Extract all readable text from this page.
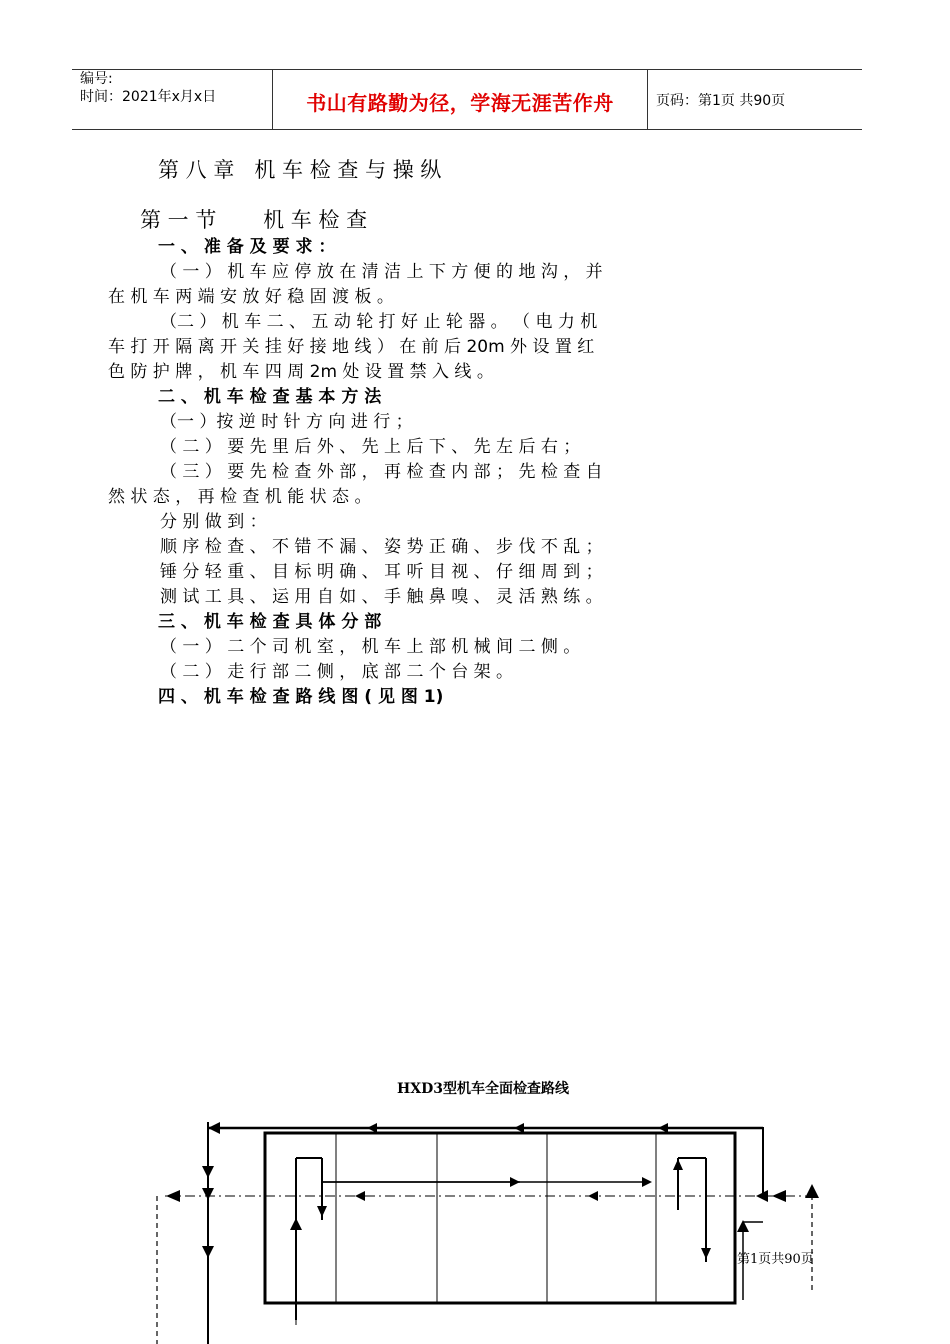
编号:
时间：2021年x月x日	书山有路勤为径，学海无涯苦作舟	页码：第1页 共90页
第 八 章   机 车 检 查 与 操 纵
第 一 节       机 车 检 查
一 、 准 备 及 要 求 ：
（ 一 ） 机 车 应 停 放 在 清 洁 上 下 方 便 的 地 沟 ， 并
在 机 车 两 端 安 放 好 稳 固 渡 板 。
（二 ） 机 车 二 、 五 动 轮 打 好 止 轮 器 。 （ 电 力 机
车 打 开 隔 离 开 关 挂 好 接 地 线 ） 在 前 后 20m 外 设 置 红
色 防 护 牌 ， 机 车 四 周 2m 处 设 置 禁 入 线 。
二 、 机 车 检 查 基 本 方 法
（一 ）按 逆 时 针 方 向 进 行 ；
（ 二 ） 要 先 里 后 外 、 先 上 后 下 、 先 左 后 右 ；
（ 三 ） 要 先 检 查 外 部 ， 再 检 查 内 部 ； 先 检 查 自
然 状 态 ， 再 检 查 机 能 状 态 。
分 别 做 到 ：
顺 序 检 查 、 不 错 不 漏 、 姿 势 正 确 、 步 伐 不 乱 ；
锤 分 轻 重 、 目 标 明 确 、 耳 听 目 视 、 仔 细 周 到 ；
测 试 工 具 、 运 用 自 如 、 手 触 鼻 嗅 、 灵 活 熟 练 。
三 、 机 车 检 查 具 体 分 部
（ 一 ） 二 个 司 机 室 ， 机 车 上 部 机 械 间 二 侧 。
（ 二 ） 走 行 部 二 侧 ， 底 部 二 个 台 架 。
四 、 机 车 检 查 路 线 图 ( 见 图 1)
HXD3型机车全面检查路线
第1页共90页
